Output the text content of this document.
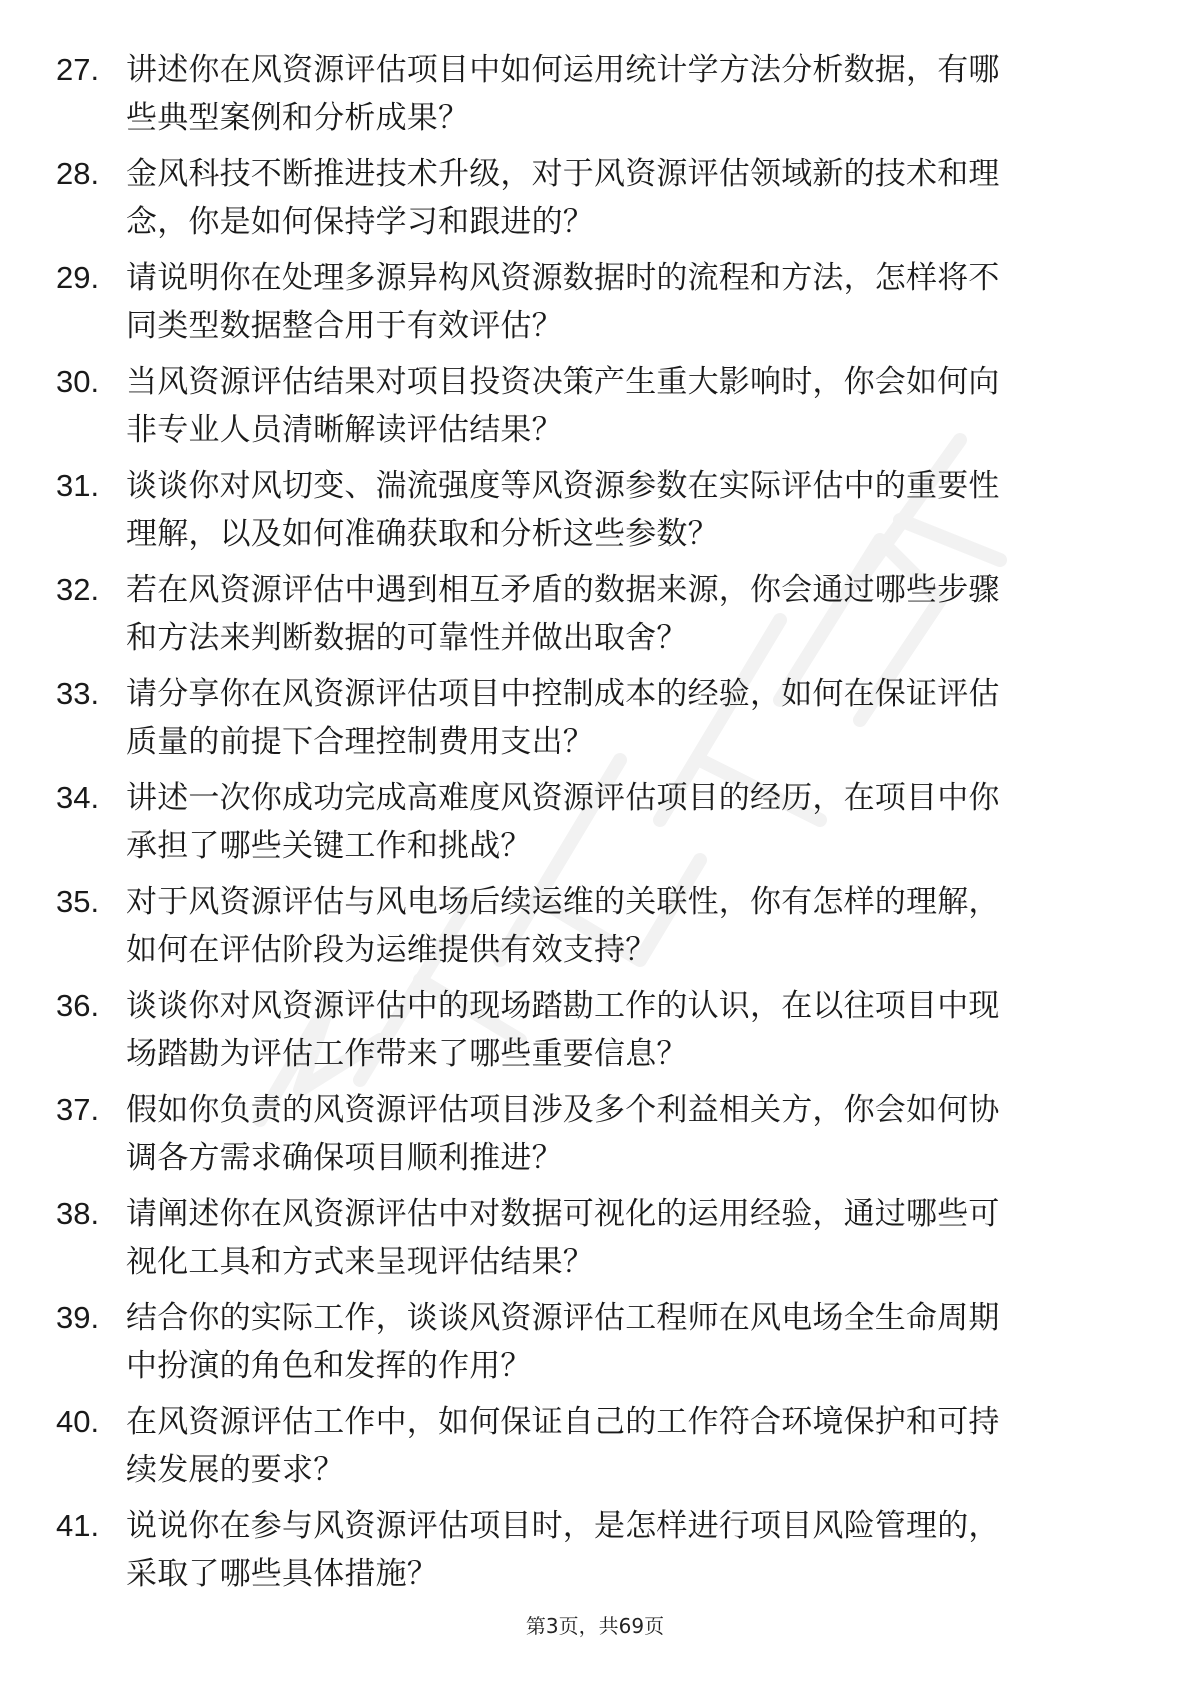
27. 讲述你在风资源评估项目中如何运用统计学方法分析数据，有哪
些典型案例和分析成果？
28. 金风科技不断推进技术升级，对于风资源评估领域新的技术和理
念，你是如何保持学习和跟进的？
29. 请说明你在处理多源异构风资源数据时的流程和方法，怎样将不
同类型数据整合用于有效评估？
30. 当风资源评估结果对项目投资决策产生重大影响时，你会如何向
非专业人员清晰解读评估结果？
31. 谈谈你对风切变、湍流强度等风资源参数在实际评估中的重要性
理解，以及如何准确获取和分析这些参数？
32. 若在风资源评估中遇到相互矛盾的数据来源，你会通过哪些步骤
和方法来判断数据的可靠性并做出取舍？
33. 请分享你在风资源评估项目中控制成本的经验，如何在保证评估
质量的前提下合理控制费用支出？
34. 讲述一次你成功完成高难度风资源评估项目的经历，在项目中你
承担了哪些关键工作和挑战？
35. 对于风资源评估与风电场后续运维的关联性，你有怎样的理解，
如何在评估阶段为运维提供有效支持？
36. 谈谈你对风资源评估中的现场踏勘工作的认识，在以往项目中现
场踏勘为评估工作带来了哪些重要信息？
37. 假如你负责的风资源评估项目涉及多个利益相关方，你会如何协
调各方需求确保项目顺利推进？
38. 请阐述你在风资源评估中对数据可视化的运用经验，通过哪些可
视化工具和方式来呈现评估结果？
39. 结合你的实际工作，谈谈风资源评估工程师在风电场全生命周期
中扮演的角色和发挥的作用？
40. 在风资源评估工作中，如何保证自己的工作符合环境保护和可持
续发展的要求？
41. 说说你在参与风资源评估项目时，是怎样进行项目风险管理的，
采取了哪些具体措施？
第3页，共69页
